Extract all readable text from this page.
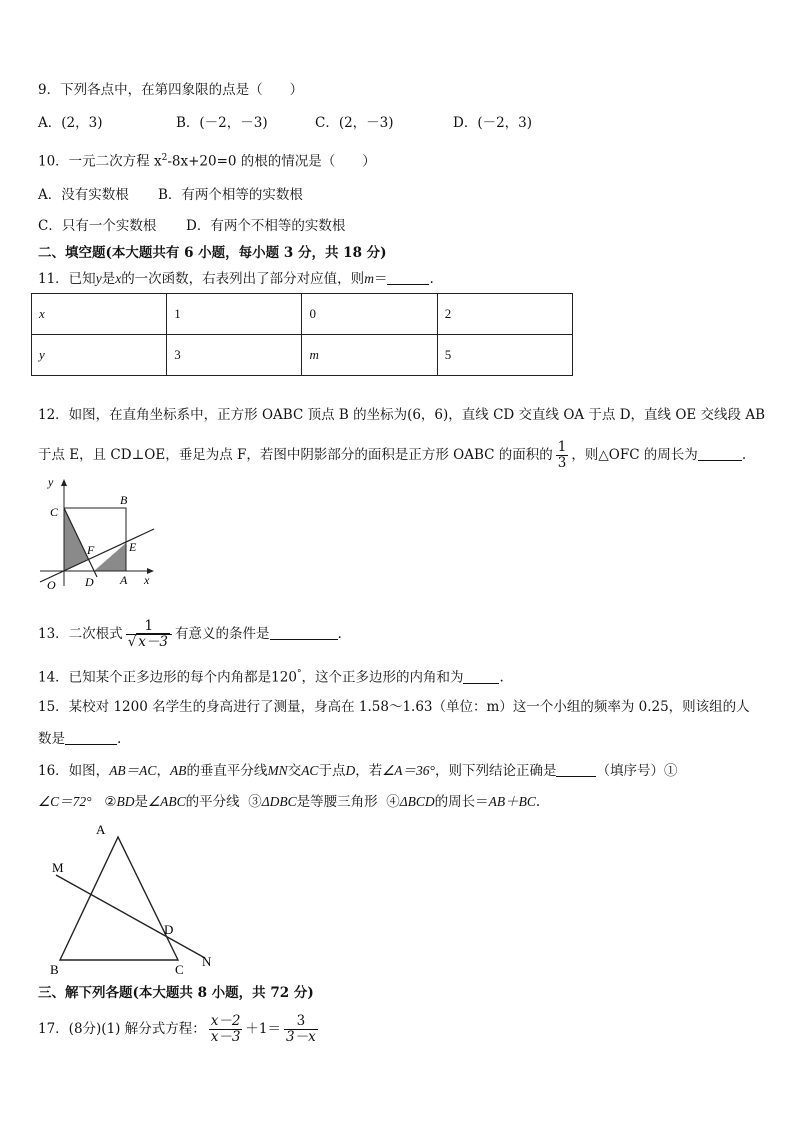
9．下列各点中，在第四象限的点是（　　）
A．(2，3)	B．(－2，－3)	C．(2，－3)	D．(－2，3)
10．一元二次方程 $x^2-8x+20=0$ 的根的情况是（　　）
A．没有实数根 B．有两个相等的实数根
C．只有一个实数根 D．有两个不相等的实数根
二、填空题(本大题共有 6 小题，每小题 3 分，共 18 分)
11．已知y是x的一次函数，右表列出了部分对应值，则m＝	.
x	1	0	2
y	3	m	5
12．如图，在直角坐标系中，正方形 OABC 顶点 B 的坐标为(6，6)，直线 CD 交直线 OA 于点 D，直线 OE 交线段 AB
于点 E，且 CD⊥OE，垂足为点 F，若图中阴影部分的面积是正方形 OABC 的面积的 $\frac{1}{3}$ ，则△OFC 的周长为	.
y
B
C
F	E
O D A x
13．二次根式 $\frac{1}{√ x-3}$ 有意义的条件是	.
14．已知某个正多边形的每个内角都是120°，这个正多边形的内角和为	.
15．某校对 1200 名学生的身高进行了测量，身高在 1.58～1.63（单位：m）这一个小组的频率为 0.25，则该组的人
数是	.
16．如图，AB＝AC，AB的垂直平分线MN交AC于点D，若∠A＝36°，则下列结论正确是	（填序号）①
∠C＝72° ②BD是∠ABC的平分线 ③ΔDBC是等腰三角形 ④ΔBCD的周长＝AB＋BC.
A
M
D
B	C
N
三、解下列各题(本大题共 8 小题，共 72 分)
17．(8分)(1) 解分式方程： $\frac{x-2}{x-3} +1= \frac{3}{3-x}$
